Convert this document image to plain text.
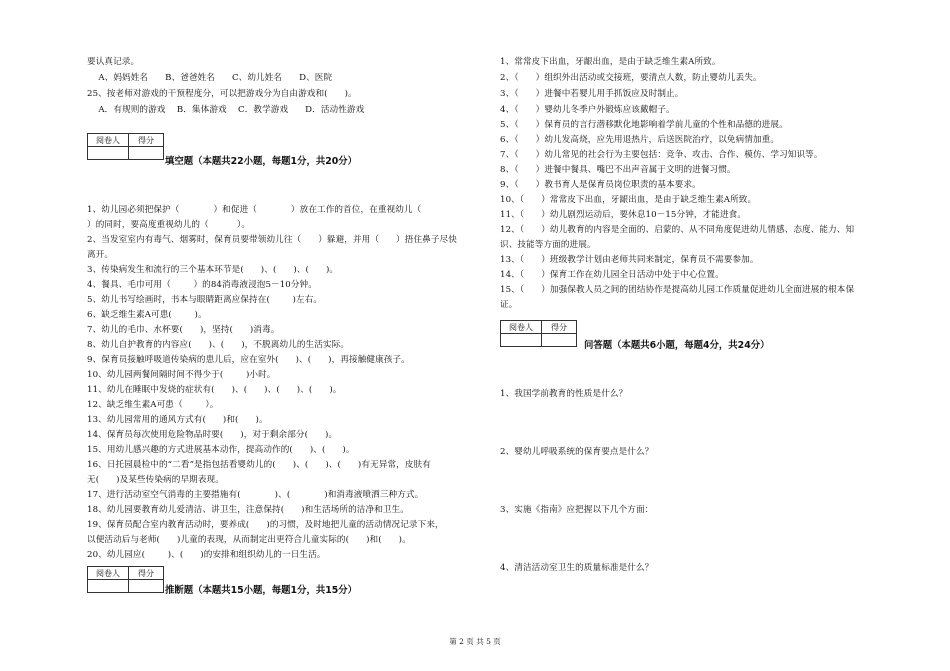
要认真记录。
A、妈妈姓名      B、爸爸姓名      C、幼儿姓名      D、医院
25、按老师对游戏的干预程度分，可以把游戏分为自由游戏和(      )。
A．有规则的游戏    B．集体游戏    C．教学游戏      D．活动性游戏
阅卷人	得分

填空题（本题共22小题，每题1分，共20分）
1、幼儿园必须把保护（            ）和促进（            ）放在工作的首位，在重视幼儿（
）的同时，要高度重视幼儿的（          ）。
2、当发室室内有毒气、烟雾时，保育员要带领幼儿往（      ）躲避，并用（      ）捂住鼻子尽快
离开。
3、传染病发生和流行的三个基本环节是(      )、(      )、(      )。
4、餐具、毛巾可用（        ）的84消毒液浸泡5－10分钟。
5、幼儿书写绘画时，书本与眼睛距离应保持在(        )左右。
6、缺乏维生素A可患(        )。
7、幼儿的毛巾、水杯要(      )，坚持(      )消毒。
8、幼儿自护教育的内容应(      )、(      )，不脱离幼儿的生活实际。
9、保育员接触呼吸道传染病的患儿后，应在室外(      )、(      )，再接触健康孩子。
10、幼儿园两餐间隔时间不得少于(        )小时。
11、幼儿在睡眠中发烧的症状有(      )、(      )、(      )、(      )。
12、缺乏维生素A可患（        ）。
13、幼儿园常用的通风方式有(      )和(      )。
14、保育员每次使用危险物品时要(      )，对于剩余部分(      )。
15、用幼儿感兴趣的方式进展基本动作，提高动作的(      )、(      )。
16、日托园晨检中的“二看”是指包括看婴幼儿的(      )、(      )、(      )有无异常，皮肤有
无(      )及某些传染病的早期表现。
17、进行活动室空气消毒的主要措施有(            )、(            )和消毒液喷洒三种方式。
18、幼儿园要教育幼儿爱清洁、讲卫生，注意保持(      )和生活场所的洁净和卫生。
19、保育员配合室内教育活动时，要养成(      )的习惯，及时地把儿童的活动情况记录下来，
以便活动后与老师(      )儿童的表现，从而制定出更符合儿童实际的(      )和(      )。
20、幼儿园应(        )、(      )的安排和组织幼儿的一日生活。
阅卷人	得分

推断题（本题共15小题，每题1分，共15分）
1、常常皮下出血，牙龈出血，是由于缺乏维生素A所致。
2、（      ）组织外出活动或交接班，要清点人数，防止婴幼儿丢失。
3、（      ）进餐中若婴儿用手抓饭应及时制止。
4、（      ）婴幼儿冬季户外锻炼应该戴帽子。
5、（      ）保育员的言行潜移默化地影响着学前儿童的个性和品德的进展。
6、（      ）幼儿发高烧，应先用退热片，后送医院治疗，以免病情加重。
7、（      ）幼儿常见的社会行为主要包括：竞争、攻击、合作、模仿、学习知识等。
8、（      ）进餐中餐具、嘴巴不出声音属于文明的进餐习惯。
9、（      ）教书育人是保育员岗位职责的基本要求。
10、（      ）常常皮下出血，牙龈出血，是由于缺乏维生素A所致。
11、（      ）幼儿剧烈运动后，要休息10－15分钟，才能进食。
12、（      ）幼儿教育的内容是全面的、启蒙的、从不同角度促进幼儿情感、态度、能力、知
识、技能等方面的进展。
13、（      ）班级教学计划由老师共同来制定，保育员不需要参加。
14、（      ）保育工作在幼儿园全日活动中处于中心位置。
15、（      ）加强保教人员之间的团结协作是提高幼儿园工作质量促进幼儿全面进展的根本保
证。
阅卷人	得分

问答题（本题共6小题，每题4分，共24分）
1、我国学前教育的性质是什么？
2、婴幼儿呼吸系统的保育要点是什么？
3、实施《指南》应把握以下几个方面：
4、清洁活动室卫生的质量标准是什么？
第 2 页 共 5 页
